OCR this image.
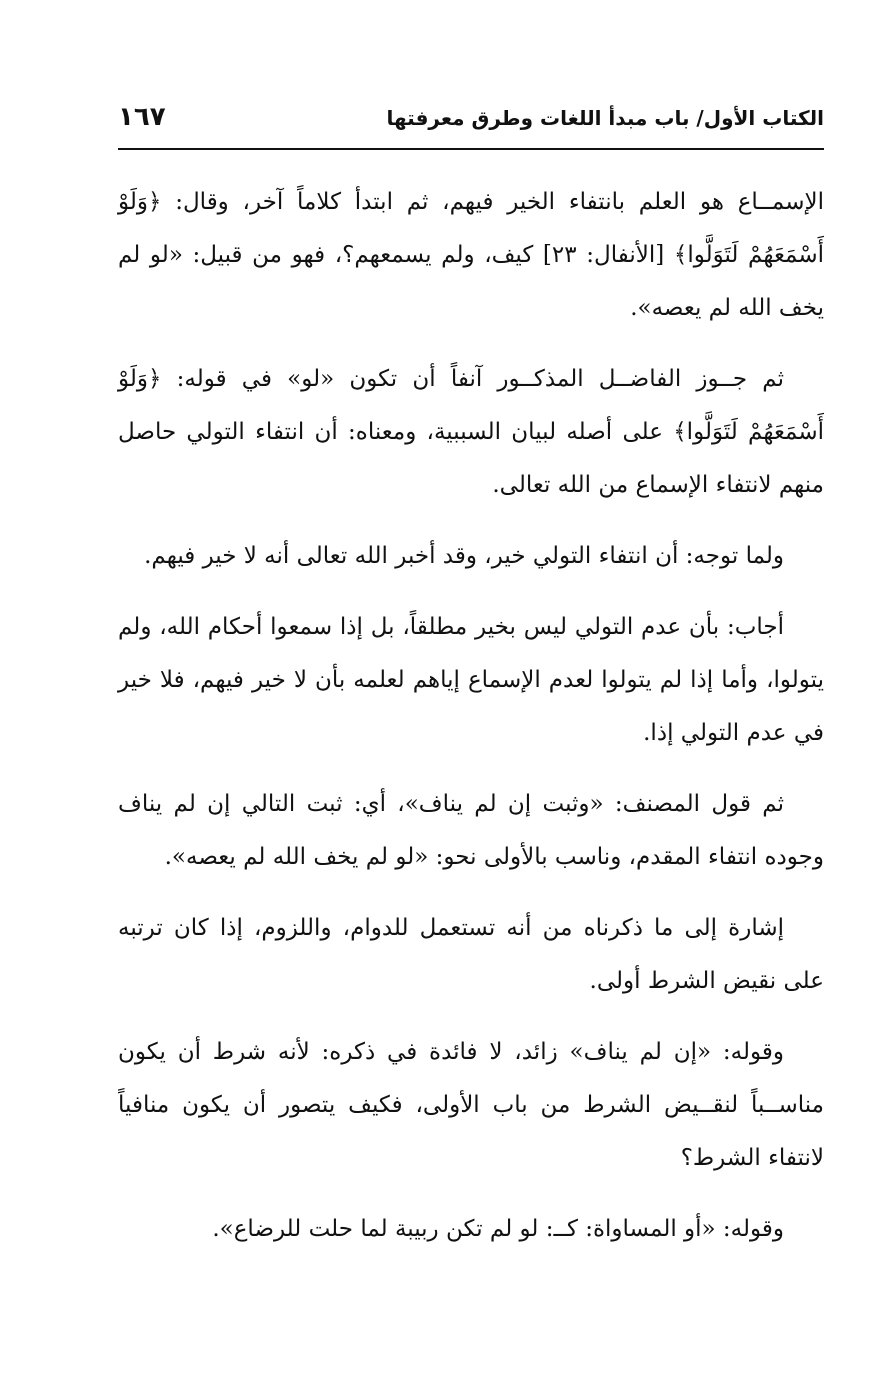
الكتاب الأول/ باب مبدأ اللغات وطرق معرفتها
١٦٧

الإسمــاع هو العلم بانتفاء الخير فيهم، ثم ابتدأ كلاماً آخر، وقال: ﴿وَلَوْ أَسْمَعَهُمْ لَتَوَلَّوا﴾ [الأنفال: ٢٣] كيف، ولم يسمعهم؟، فهو من قبيل: «لو لم يخف الله لم يعصه».

ثم جــوز الفاضــل المذكــور آنفاً أن تكون «لو» في قوله: ﴿وَلَوْ أَسْمَعَهُمْ لَتَوَلَّوا﴾ على أصله لبيان السببية، ومعناه: أن انتفاء التولي حاصل منهم لانتفاء الإسماع من الله تعالى.

ولما توجه: أن انتفاء التولي خير، وقد أخبر الله تعالى أنه لا خير فيهم.

أجاب: بأن عدم التولي ليس بخير مطلقاً، بل إذا سمعوا أحكام الله، ولم يتولوا، وأما إذا لم يتولوا لعدم الإسماع إياهم لعلمه بأن لا خير فيهم، فلا خير في عدم التولي إذا.

ثم قول المصنف: «وثبت إن لم يناف»، أي: ثبت التالي إن لم يناف وجوده انتفاء المقدم، وناسب بالأولى نحو: «لو لم يخف الله لم يعصه».

إشارة إلى ما ذكرناه من أنه تستعمل للدوام، واللزوم، إذا كان ترتبه على نقيض الشرط أولى.

وقوله: «إن لم يناف» زائد، لا فائدة في ذكره: لأنه شرط أن يكون مناســباً لنقــيض الشرط من باب الأولى، فكيف يتصور أن يكون منافياً لانتفاء الشرط؟

وقوله: «أو المساواة: كــ: لو لم تكن ربيبة لما حلت للرضاع».
